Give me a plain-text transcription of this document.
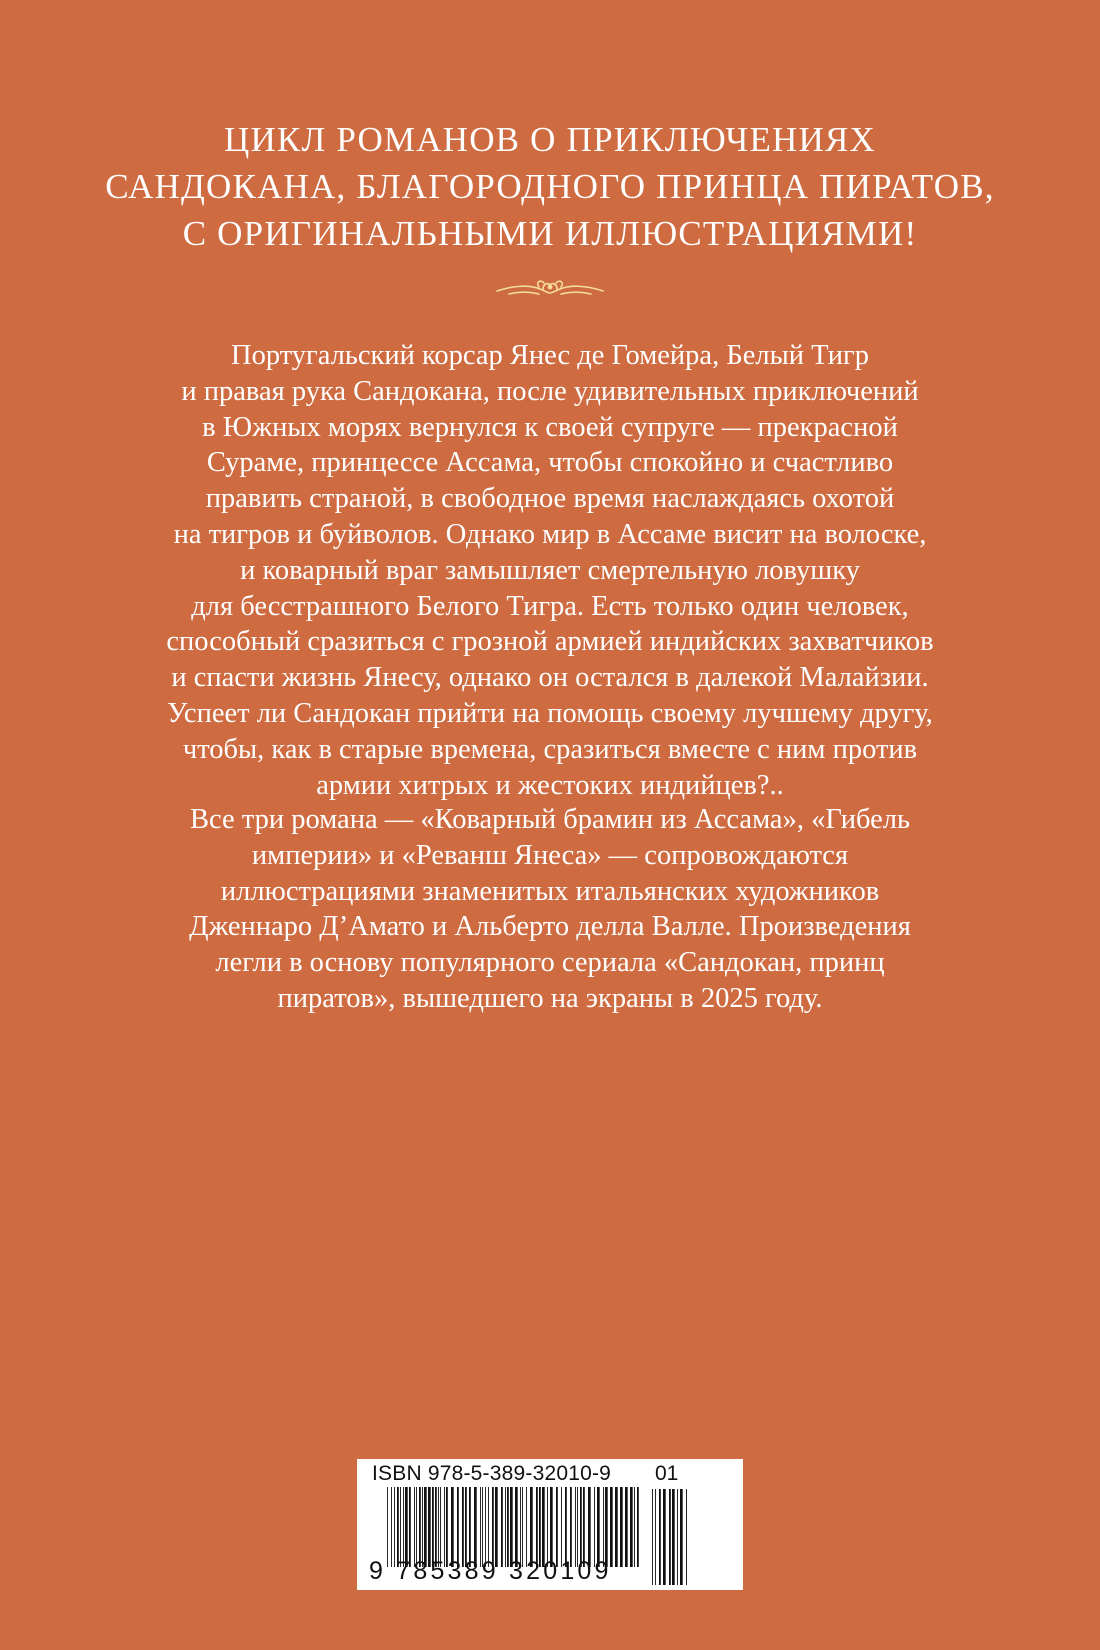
ЦИКЛ РОМАНОВ О ПРИКЛЮЧЕНИЯХ
САНДОКАНА, БЛАГОРОДНОГО ПРИНЦА ПИРАТОВ,
С ОРИГИНАЛЬНЫМИ ИЛЛЮСТРАЦИЯМИ!
Португальский корсар Янес де Гомейра, Белый Тигр
и правая рука Сандокана, после удивительных приключений
в Южных морях вернулся к своей супруге — прекрасной
Сураме, принцессе Ассама, чтобы спокойно и счастливо
править страной, в свободное время наслаждаясь охотой
на тигров и буйволов. Однако мир в Ассаме висит на волоске,
и коварный враг замышляет смертельную ловушку
для бесстрашного Белого Тигра. Есть только один человек,
способный сразиться с грозной армией индийских захватчиков
и спасти жизнь Янесу, однако он остался в далекой Малайзии.
Успеет ли Сандокан прийти на помощь своему лучшему другу,
чтобы, как в старые времена, сразиться вместе с ним против
армии хитрых и жестоких индийцев?..
Все три романа — «Коварный брамин из Ассама», «Гибель
империи» и «Реванш Янеса» — сопровождаются
иллюстрациями знаменитых итальянских художников
Дженнаро Д’Амато и Альберто делла Валле. Произведения
легли в основу популярного сериала «Сандокан, принц
пиратов», вышедшего на экраны в 2025 году.
ISBN 978-5-389-32010-9 01
9 785389 320109
